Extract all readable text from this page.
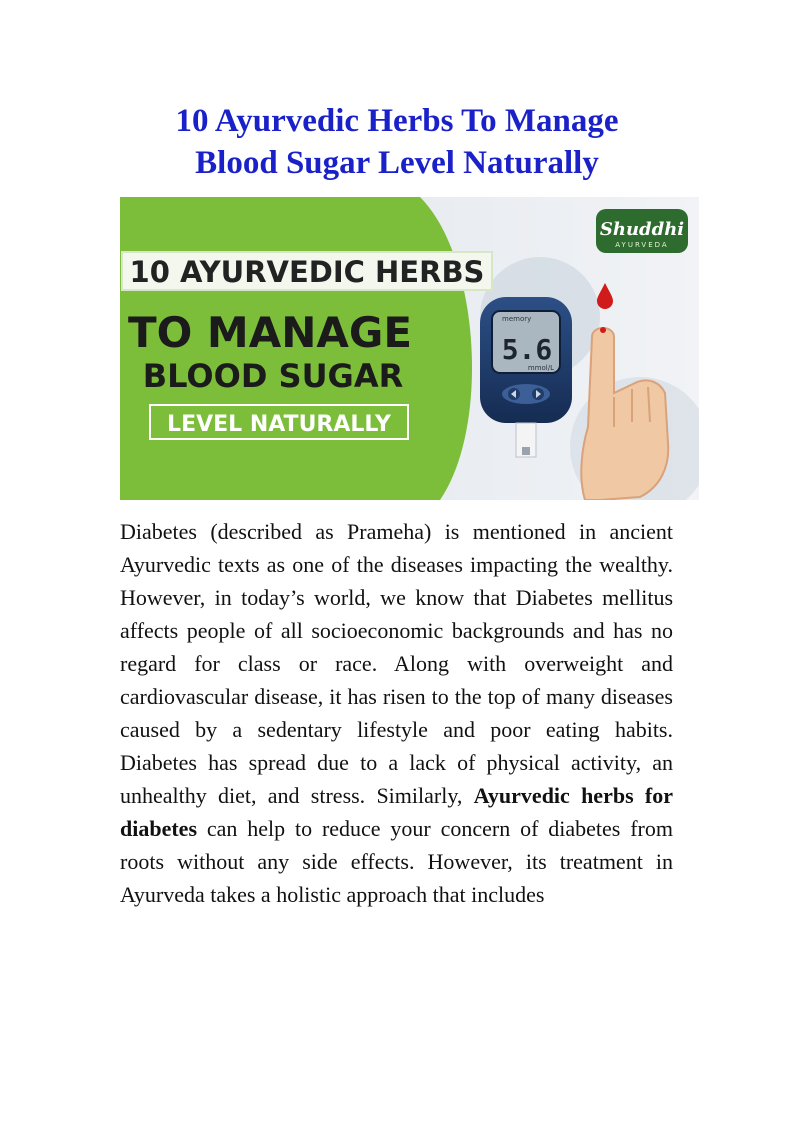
10 Ayurvedic Herbs To Manage
Blood Sugar Level Naturally
10 AYURVEDIC HERBS
TO MANAGE
BLOOD SUGAR
LEVEL NATURALLY
Shuddhi
AYURVEDA
memory
5.6
mmol/L

Diabetes (described as Prameha) is mentioned in ancient Ayurvedic texts as one of the diseases impacting the wealthy. However, in today’s world, we know that Diabetes mellitus affects people of all socioeconomic backgrounds and has no regard for class or race. Along with overweight and cardiovascular disease, it has risen to the top of many diseases caused by a sedentary lifestyle and poor eating habits. Diabetes has spread due to a lack of physical activity, an unhealthy diet, and stress. Similarly, Ayurvedic herbs for diabetes can help to reduce your concern of diabetes from roots without any side effects. However, its treatment in Ayurveda takes a holistic approach that includes
